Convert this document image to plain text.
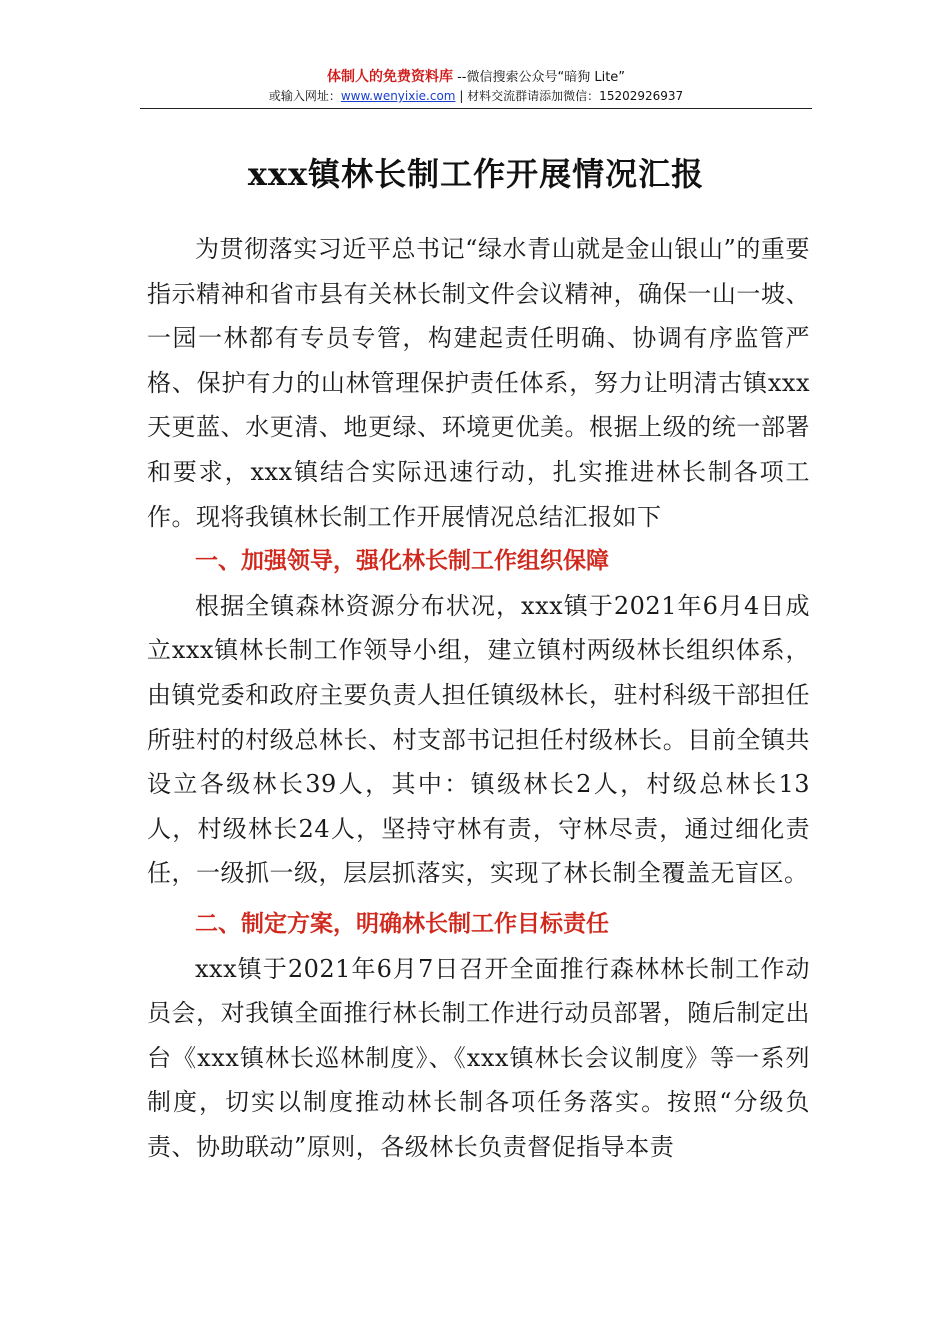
体制人的免费资料库 --微信搜索公众号“暗狗 Lite”
或输入网址：www.wenyixie.com | 材料交流群请添加微信：15202926937
xxx镇林长制工作开展情况汇报

为贯彻落实习近平总书记“绿水青山就是金山银山”的重要指示精神和省市县有关林长制文件会议精神，确保一山一坡、一园一林都有专员专管，构建起责任明确、协调有序监管严格、保护有力的山林管理保护责任体系，努力让明清古镇xxx天更蓝、水更清、地更绿、环境更优美。根据上级的统一部署和要求，xxx镇结合实际迅速行动，扎实推进林长制各项工作。现将我镇林长制工作开展情况总结汇报如下

一、加强领导，强化林长制工作组织保障

根据全镇森林资源分布状况，xxx镇于2021年6月4日成立xxx镇林长制工作领导小组，建立镇村两级林长组织体系，由镇党委和政府主要负责人担任镇级林长，驻村科级干部担任所驻村的村级总林长、村支部书记担任村级林长。目前全镇共设立各级林长39人，其中：镇级林长2人，村级总林长13人，村级林长24人，坚持守林有责，守林尽责，通过细化责任，一级抓一级，层层抓落实，实现了林长制全覆盖无盲区。

二、制定方案，明确林长制工作目标责任

xxx镇于2021年6月7日召开全面推行森林林长制工作动员会，对我镇全面推行林长制工作进行动员部署，随后制定出台《xxx镇林长巡林制度》、《xxx镇林长会议制度》等一系列制度，切实以制度推动林长制各项任务落实。按照“分级负责、协助联动”原则，各级林长负责督促指导本责
